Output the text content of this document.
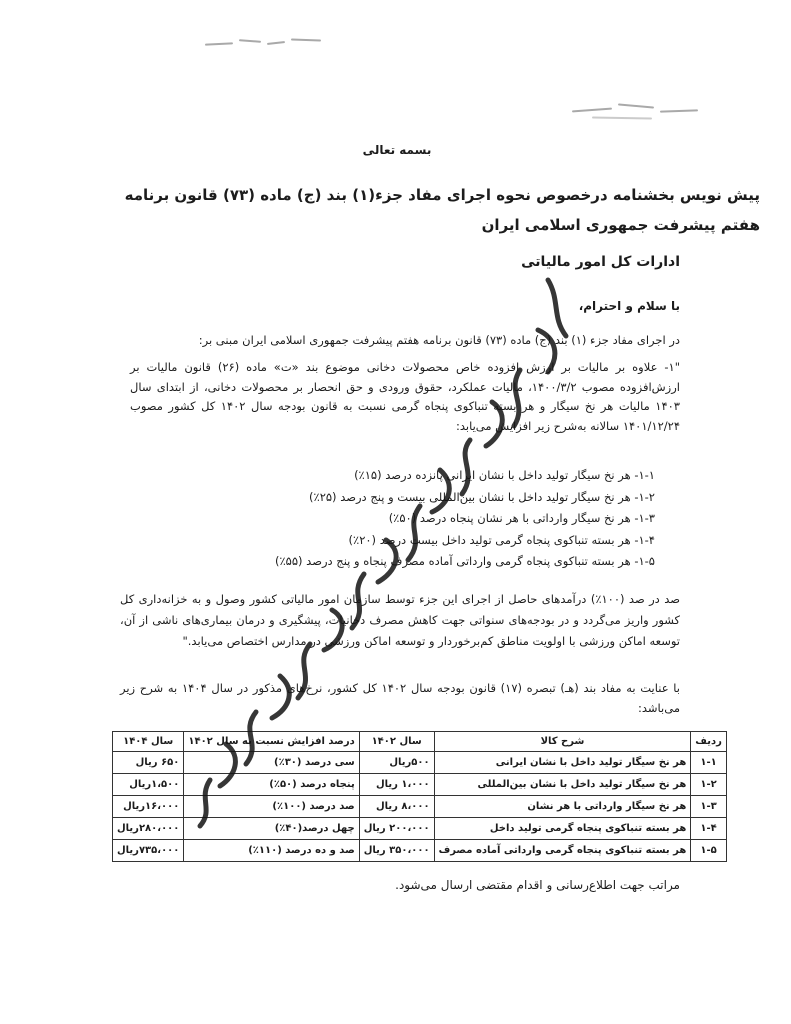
بسمه تعالی
پیش نویس بخشنامه درخصوص نحوه اجرای مفاد جزء(۱) بند (ج) ماده (۷۳) قانون برنامه هفتم پیشرفت جمهوری اسلامی ایران
ادارات کل امور مالیاتی
با سلام و احترام،
در اجرای مفاد جزء (۱) بند (ج) ماده (۷۳) قانون برنامه هفتم پیشرفت جمهوری اسلامی ایران مبنی بر:
"۱- علاوه بر مالیات بر ارزش افزوده خاص محصولات دخانی موضوع بند «ت» ماده (۲۶) قانون مالیات بر ارزش‌افزوده مصوب ۱۴۰۰/۳/۲، مالیات عملکرد، حقوق ورودی و حق انحصار بر محصولات دخانی، از ابتدای سال ۱۴۰۳ مالیات هر نخ سیگار و هر بسته تنباکوی پنجاه گرمی نسبت به قانون بودجه سال ۱۴۰۲ کل کشور مصوب ۱۴۰۱/۱۲/۲۴ سالانه به‌شرح زیر افزایش می‌یابد:
۱-۱- هر نخ سیگار تولید داخل با نشان ایرانی پانزده درصد (۱۵٪)
۱-۲- هر نخ سیگار تولید داخل با نشان بین‌المللی بیست و پنج درصد (۲۵٪)
۱-۳- هر نخ سیگار وارداتی با هر نشان پنجاه درصد (۵۰٪)
۱-۴- هر بسته تنباکوی پنجاه گرمی تولید داخل بیست درصد (۲۰٪)
۱-۵- هر بسته تنباکوی پنجاه گرمی وارداتی آماده مصرف پنجاه و پنج درصد (۵۵٪)
صد در صد (۱۰۰٪) درآمدهای حاصل از اجرای این جزء توسط سازمان امور مالیاتی کشور وصول و به خزانه‌داری کل کشور واریز می‌گردد و در بودجه‌های سنواتی جهت کاهش مصرف دخانیات، پیشگیری و درمان بیماری‌های ناشی از آن، توسعه اماکن ورزشی با اولویت مناطق کم‌برخوردار و توسعه اماکن ورزشی در مدارس اختصاص می‌یابد."
با عنایت به مفاد بند (هـ) تبصره (۱۷) قانون بودجه سال ۱۴۰۲ کل کشور، نرخ‌های مذکور در سال ۱۴۰۴ به شرح زیر می‌باشد:
ردیف	شرح کالا	سال ۱۴۰۲	درصد افزایش نسبت به سال ۱۴۰۲	سال ۱۴۰۴
۱-۱	هر نخ سیگار تولید داخل با نشان ایرانی	۵۰۰ریال	سی درصد (۳۰٪)	۶۵۰ ریال
۱-۲	هر نخ سیگار تولید داخل با نشان بین‌المللی	۱،۰۰۰ ریال	پنجاه درصد (۵۰٪)	۱،۵۰۰ریال
۱-۳	هر نخ سیگار وارداتی با هر نشان	۸،۰۰۰ ریال	صد درصد (۱۰۰٪)	۱۶،۰۰۰ریال
۱-۴	هر بسته تنباکوی پنجاه گرمی تولید داخل	۲۰۰،۰۰۰ ریال	چهل درصد(۴۰٪)	۲۸۰،۰۰۰ریال
۱-۵	هر بسته تنباکوی پنجاه گرمی وارداتی آماده مصرف	۳۵۰،۰۰۰ ریال	صد و ده درصد (۱۱۰٪)	۷۳۵،۰۰۰ریال
مراتب جهت اطلاع‌رسانی و اقدام مقتضی ارسال می‌شود.
